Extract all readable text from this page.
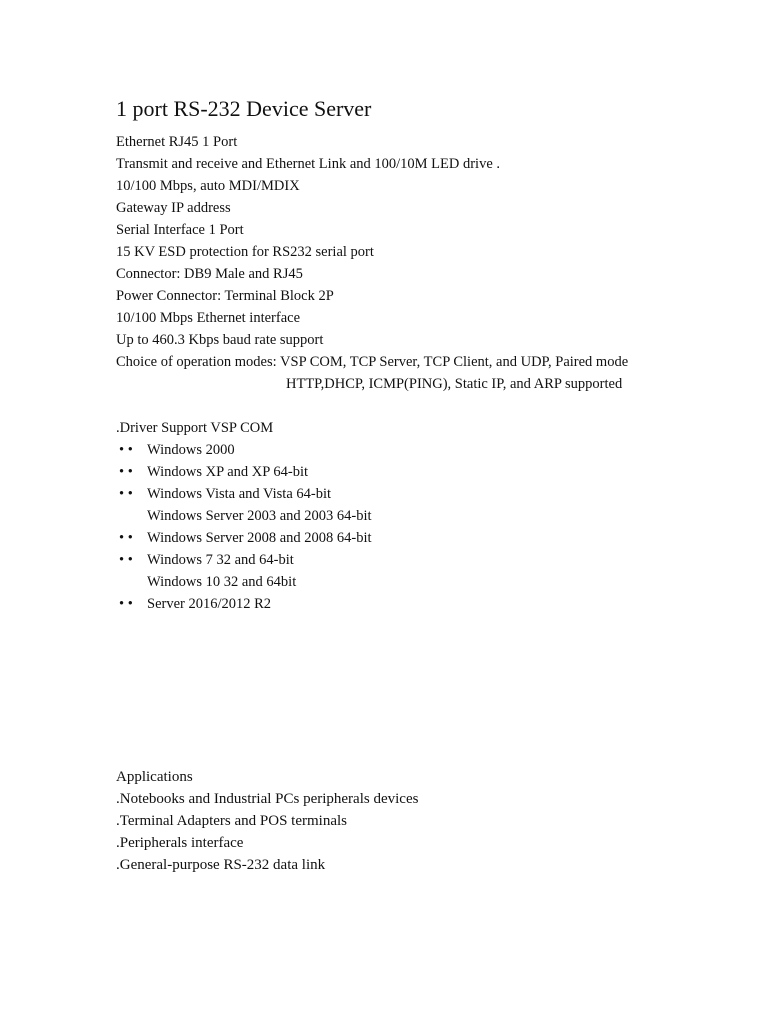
1 port RS-232 Device Server
Ethernet RJ45 1 Port
Transmit and receive and Ethernet Link and 100/10M LED drive .
10/100 Mbps, auto MDI/MDIX
Gateway IP address
Serial Interface 1 Port
15 KV ESD protection for RS232 serial port
Connector: DB9 Male and RJ45
Power Connector: Terminal Block 2P
10/100 Mbps Ethernet interface
Up to 460.3 Kbps baud rate support
Choice of operation modes: VSP COM, TCP Server, TCP Client, and UDP, Paired mode
HTTP,DHCP, ICMP(PING), Static IP, and ARP supported
.Driver Support VSP COM
• • Windows 2000
• • Windows XP and XP 64-bit
• • Windows Vista and Vista 64-bit
Windows Server 2003 and 2003 64-bit
• • Windows Server 2008 and 2008 64-bit
• • Windows 7 32 and 64-bit
Windows 10 32 and 64bit
• • Server 2016/2012 R2
Applications
.Notebooks and Industrial PCs peripherals devices
.Terminal Adapters and POS terminals
.Peripherals interface
.General-purpose RS-232 data link
